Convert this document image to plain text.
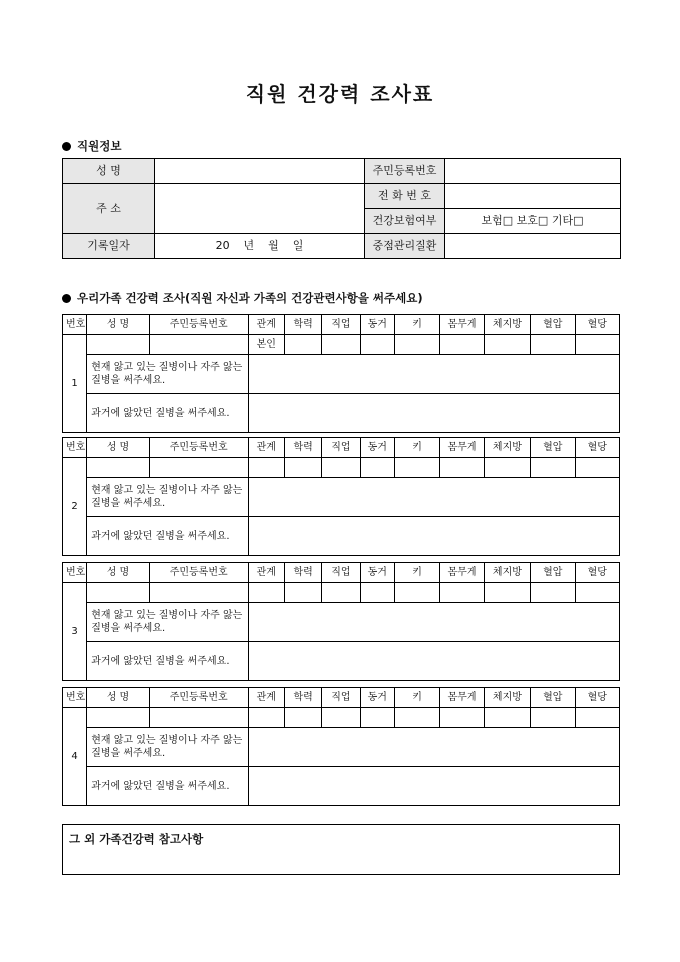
직원 건강력 조사표
직원정보
성 명		주민등록번호	
주 소		전 화 번 호	
		건강보험여부	보험□ 보호□ 기타□
기록일자	20    년    월    일	중점관리질환	
우리가족 건강력 조사(직원 자신과 가족의 건강관련사항을 써주세요)
번호	성 명	주민등록번호	관계	학력	직업	동거	키	몸무게	체지방	혈압	혈당
1			본인								
	현재 앓고 있는 질병이나 자주 앓는 질병을 써주세요.										
	과거에 앓았던 질병을 써주세요.										
번호	성 명	주민등록번호	관계	학력	직업	동거	키	몸무게	체지방	혈압	혈당
2											
	현재 앓고 있는 질병이나 자주 앓는 질병을 써주세요.										
	과거에 앓았던 질병을 써주세요.										
번호	성 명	주민등록번호	관계	학력	직업	동거	키	몸무게	체지방	혈압	혈당
3											
	현재 앓고 있는 질병이나 자주 앓는 질병을 써주세요.										
	과거에 앓았던 질병을 써주세요.										
번호	성 명	주민등록번호	관계	학력	직업	동거	키	몸무게	체지방	혈압	혈당
4											
	현재 앓고 있는 질병이나 자주 앓는 질병을 써주세요.										
	과거에 앓았던 질병을 써주세요.										
그 외 가족건강력 참고사항
